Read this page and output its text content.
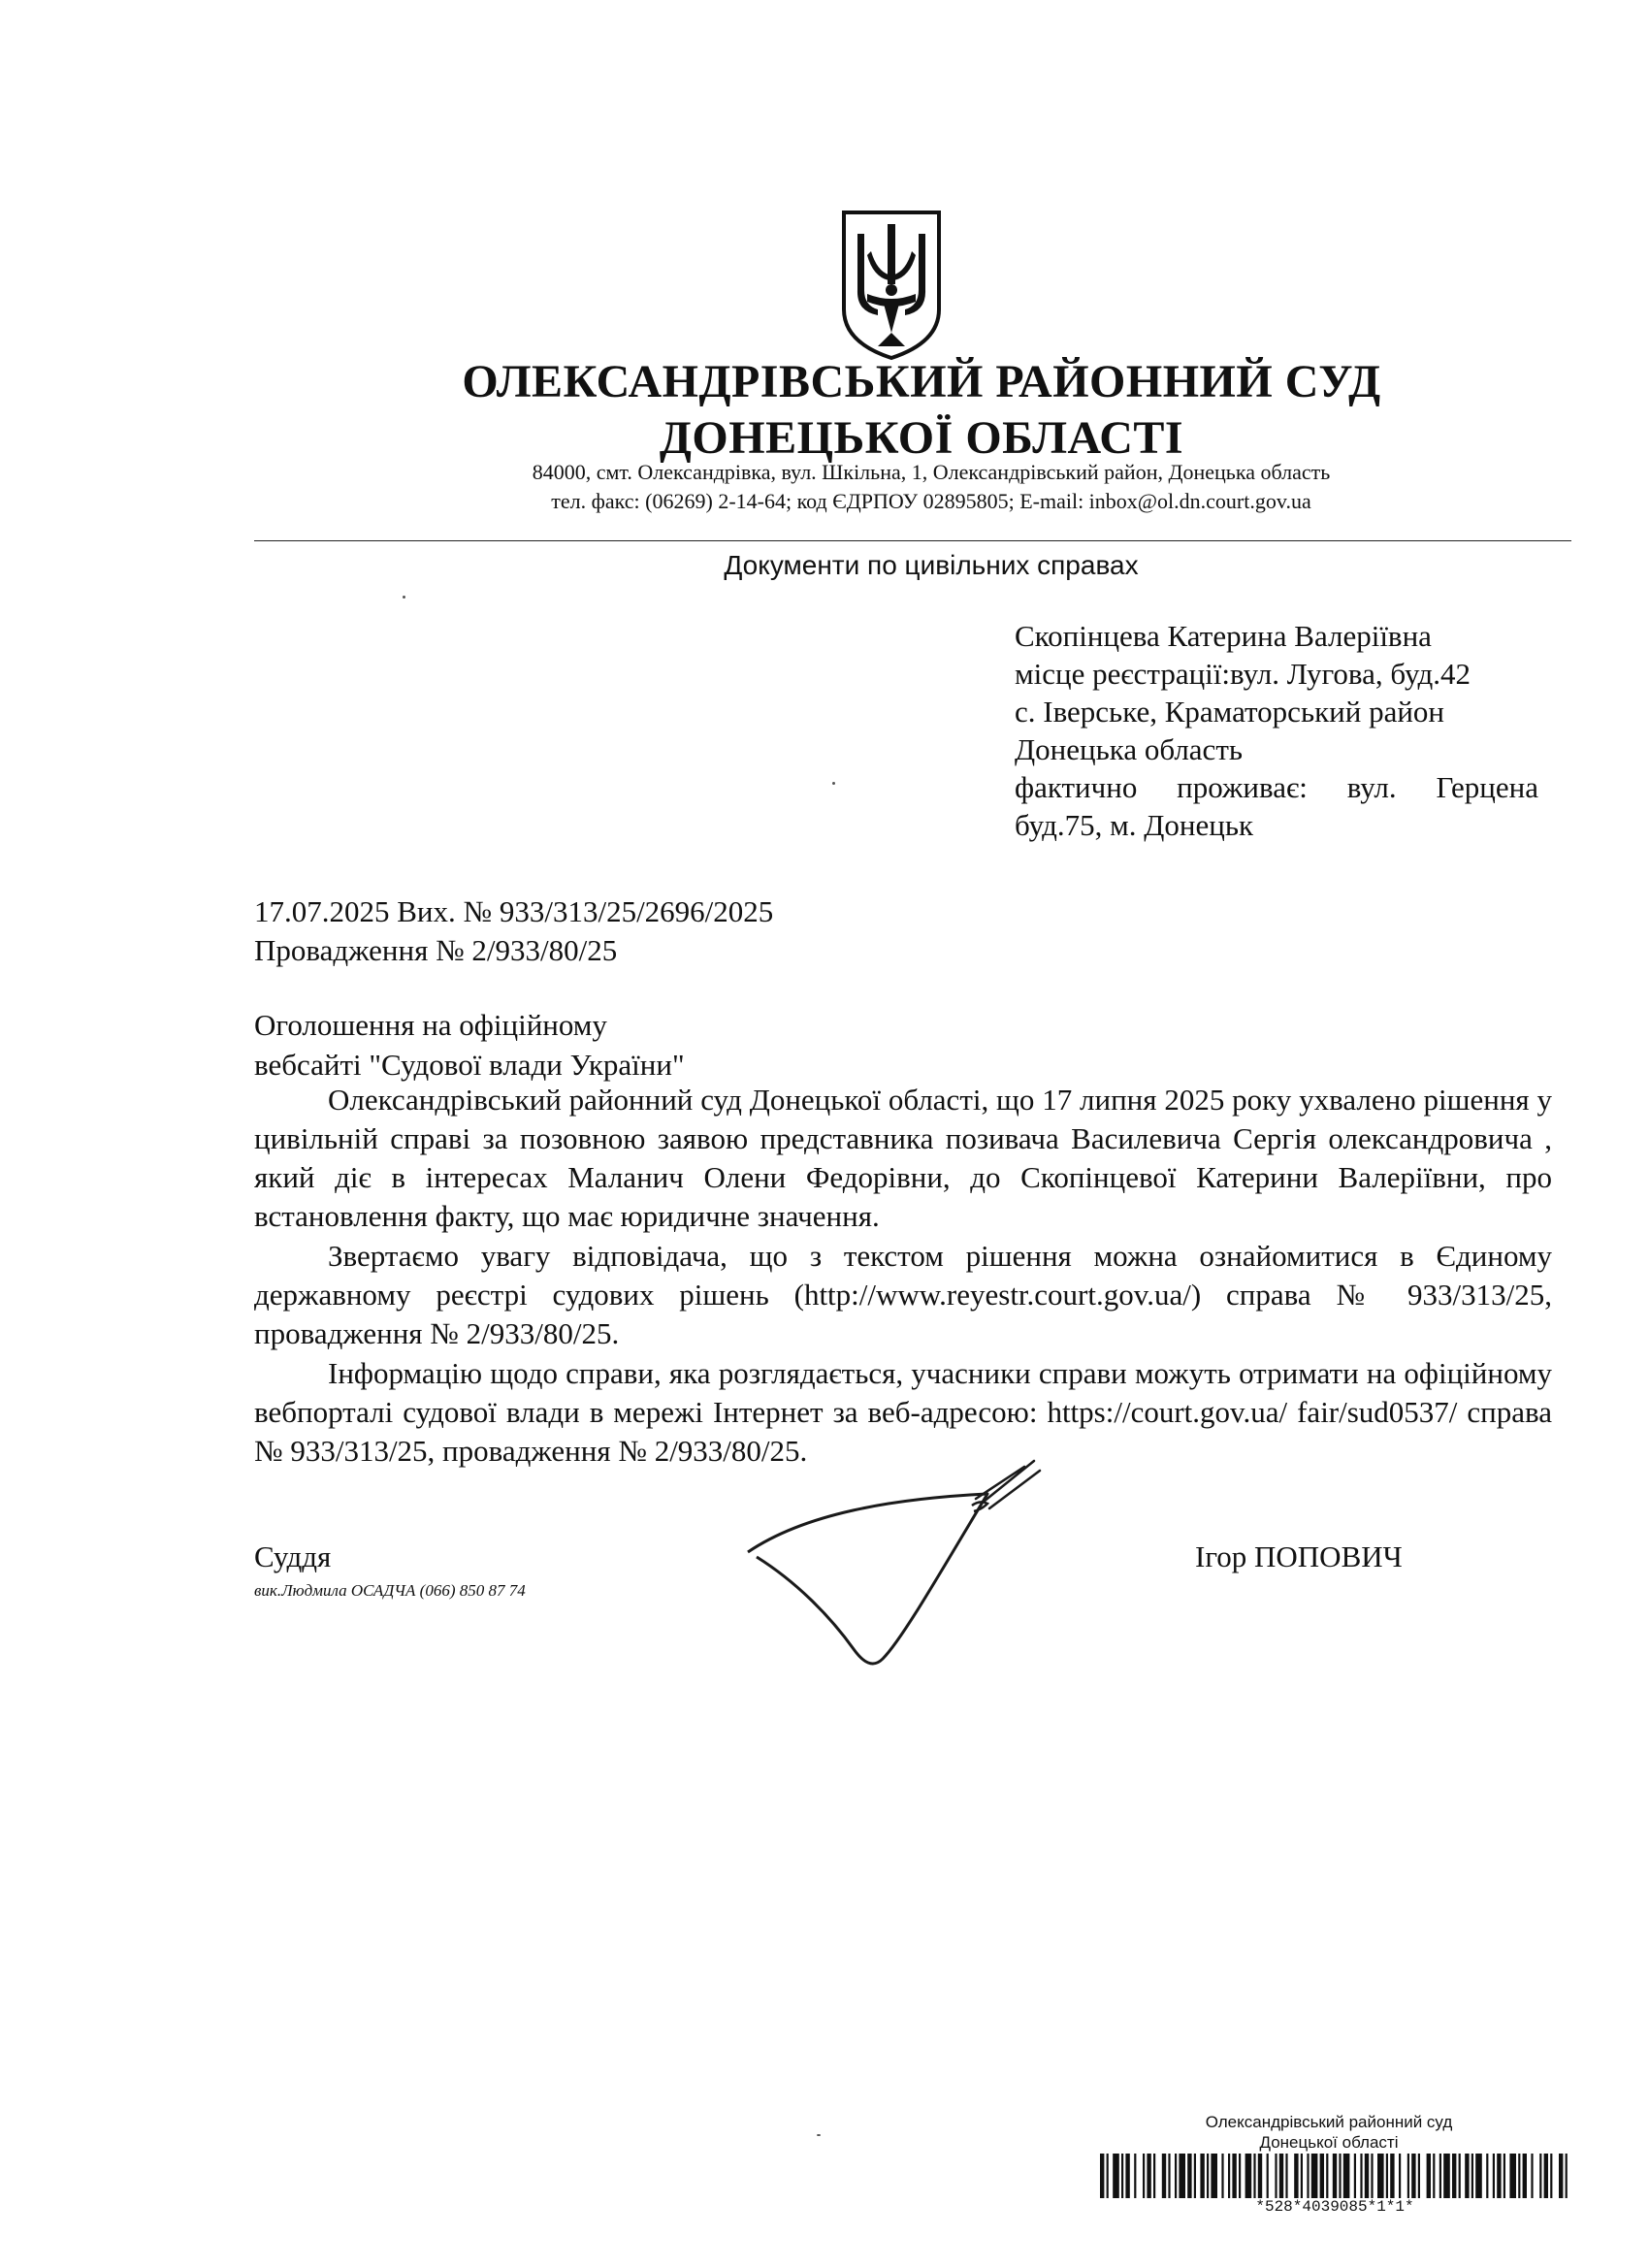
ОЛЕКСАНДРІВСЬКИЙ РАЙОННИЙ СУД
ДОНЕЦЬКОЇ ОБЛАСТІ
84000, смт. Олександрівка, вул. Шкільна, 1, Олександрівський район, Донецька область
тел. факс: (06269) 2-14-64; код ЄДРПОУ 02895805; E-mail: inbox@ol.dn.court.gov.ua
Документи по цивільних справах
Скопінцева Катерина Валеріївна
місце реєстрації:вул. Лугова, буд.42
с. Іверське, Краматорський район
Донецька область
фактично проживає: вул. Герцена
буд.75, м. Донецьк
17.07.2025 Вих. № 933/313/25/2696/2025
Провадження № 2/933/80/25
Оголошення на офіційному
вебсайті "Судової влади України"

Олександрівський районний суд Донецької області, що 17 липня 2025 року ухвалено рішення у цивільній справі за позовною заявою представника позивача Василевича Сергія олександровича , який діє в інтересах Маланич Олени Федорівни, до Скопінцевої Катерини Валеріївни, про встановлення факту, що має юридичне значення.

Звертаємо увагу відповідача, що з текстом рішення можна ознайомитися в Єдиному державному реєстрі судових рішень (http://www.reyestr.court.gov.ua/) справа № 933/313/25, провадження № 2/933/80/25.

Інформацію щодо справи, яка розглядається, учасники справи можуть отримати на офіційному вебпорталі судової влади в мережі Інтернет за веб-адресою: https://court.gov.ua/ fair/sud0537/ справа № 933/313/25, провадження № 2/933/80/25.

Суддя	Ігор ПОПОВИЧ
вик.Людмила ОСАДЧА (066) 850 87 74
Олександрівський районний суд
Донецької області
*528*4039085*1*1*
